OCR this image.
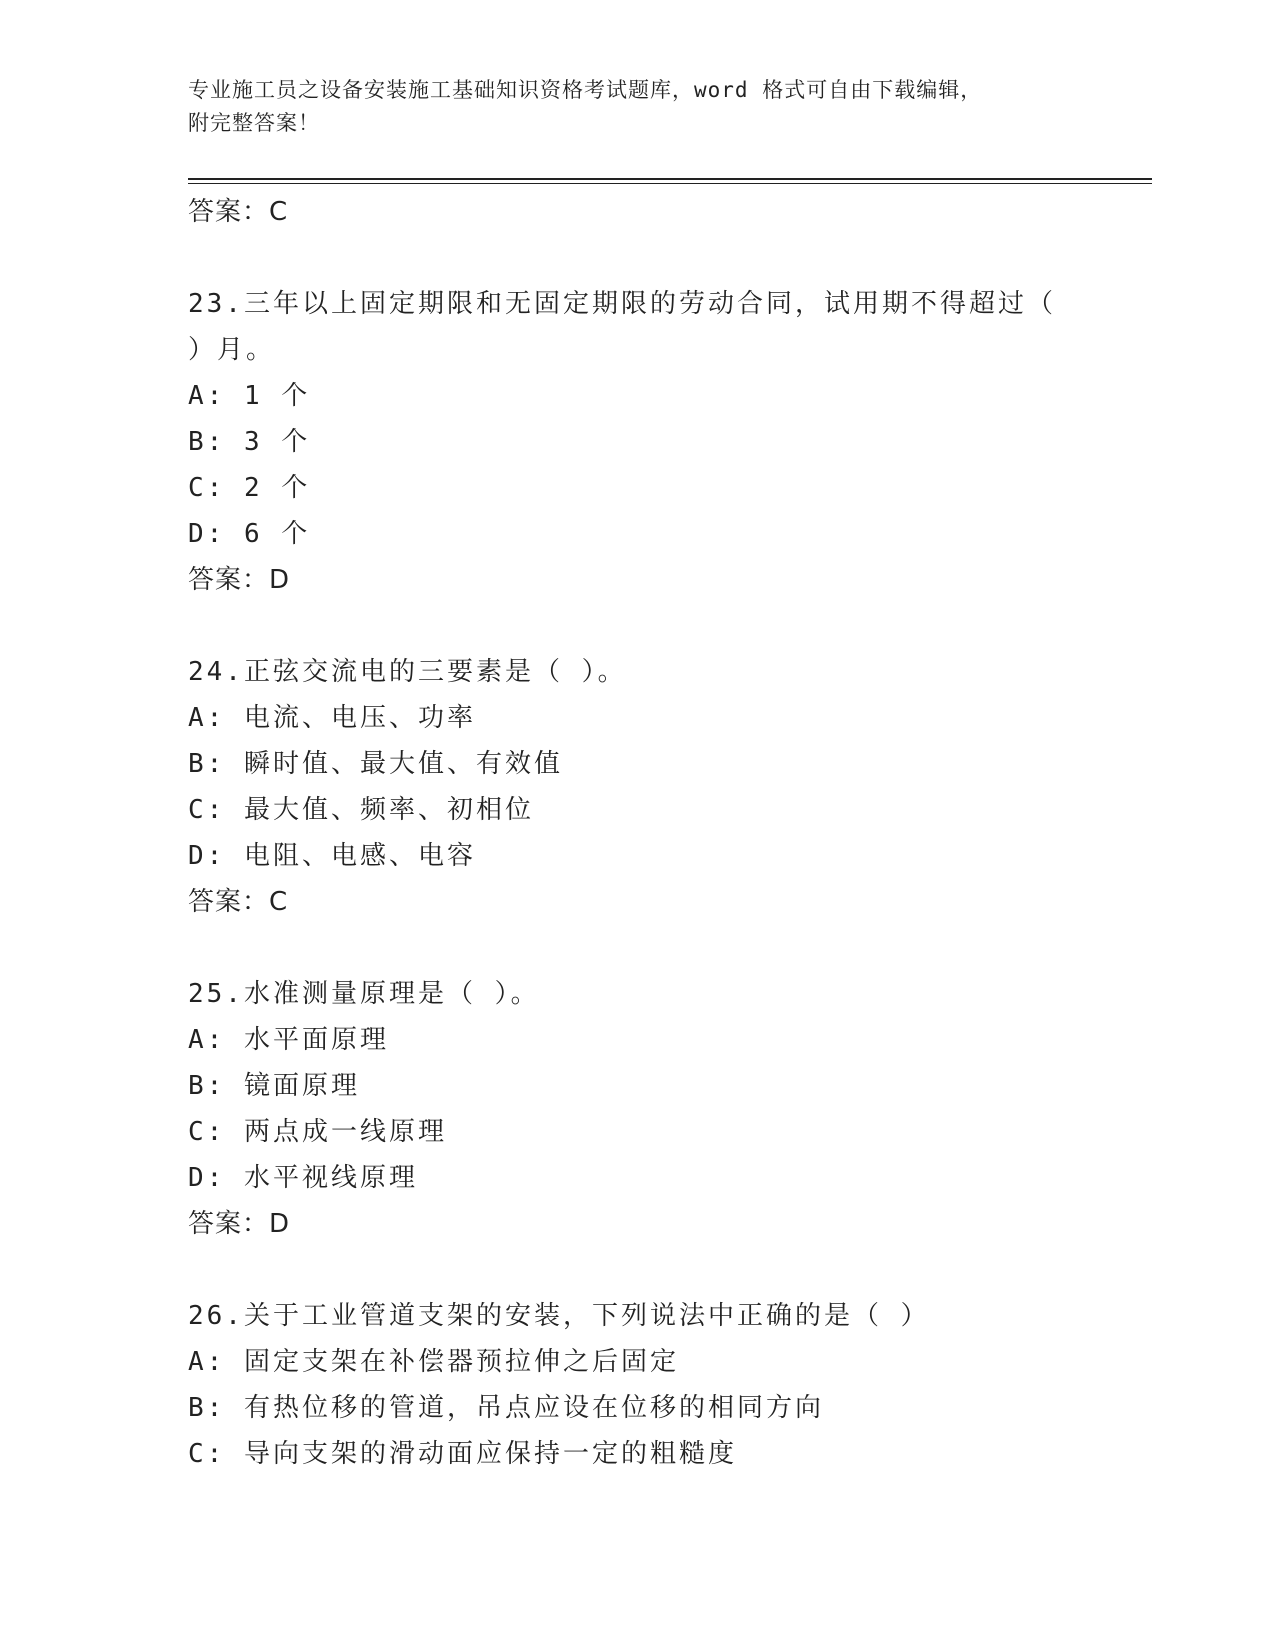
专业施工员之设备安装施工基础知识资格考试题库，word 格式可自由下载编辑，
附完整答案！
答案：C
23.三年以上固定期限和无固定期限的劳动合同，试用期不得超过（
）月。
A: 1 个
B: 3 个
C: 2 个
D: 6 个
答案：D
24.正弦交流电的三要素是（ ）。
A: 电流、电压、功率
B: 瞬时值、最大值、有效值
C: 最大值、频率、初相位
D: 电阻、电感、电容
答案：C
25.水准测量原理是（ ）。
A: 水平面原理
B: 镜面原理
C: 两点成一线原理
D: 水平视线原理
答案：D
26.关于工业管道支架的安装，下列说法中正确的是（ ）
A: 固定支架在补偿器预拉伸之后固定
B: 有热位移的管道，吊点应设在位移的相同方向
C: 导向支架的滑动面应保持一定的粗糙度
